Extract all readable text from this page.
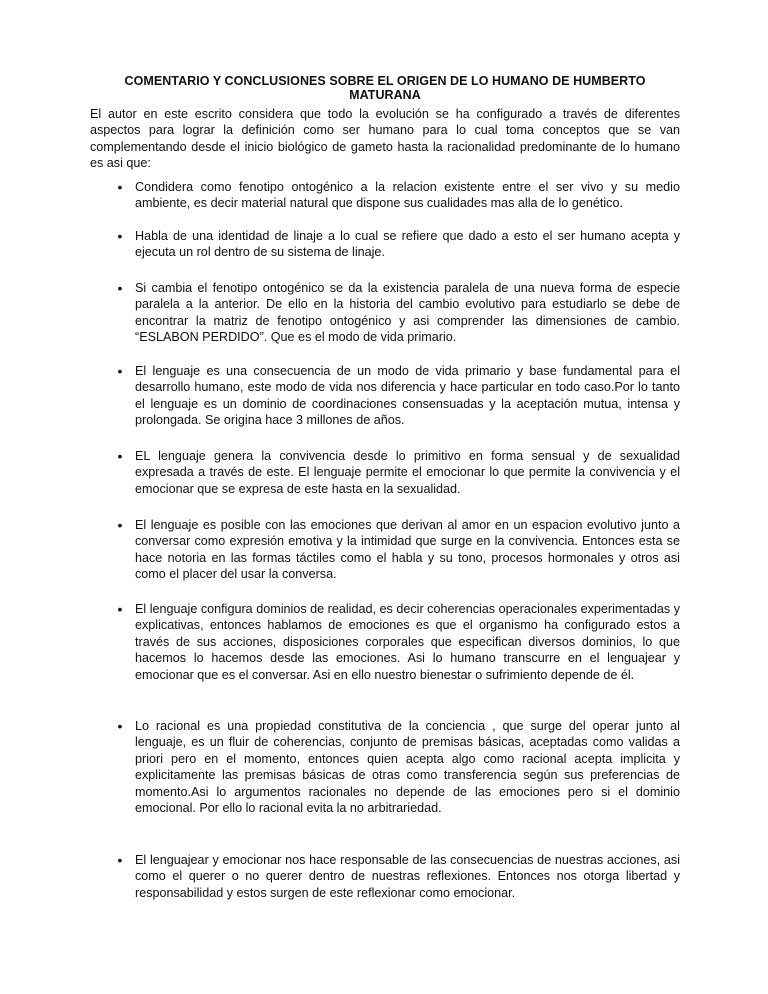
COMENTARIO Y CONCLUSIONES SOBRE EL ORIGEN DE LO HUMANO DE HUMBERTO MATURANA
El autor en este escrito considera que todo la evolución se ha configurado a través de diferentes aspectos para lograr la definición como ser humano para lo cual toma conceptos que se van complementando desde el inicio biológico de gameto hasta la racionalidad predominante de lo humano es asi que:
• Condidera como fenotipo ontogénico a la relacion existente entre el ser vivo y su medio ambiente, es decir material natural que dispone sus cualidades mas alla de lo genético.
• Habla de una identidad de linaje a lo cual se refiere que dado a esto el ser humano acepta y ejecuta un rol dentro de su sistema de linaje.
• Si cambia el fenotipo ontogénico se da la existencia paralela de una nueva forma de especie paralela a la anterior. De ello en la historia del cambio evolutivo para estudiarlo se debe de encontrar la matriz de fenotipo ontogénico y asi comprender las dimensiones de cambio. “ESLABON PERDIDO”. Que es el modo de vida primario.
• El lenguaje es una consecuencia de un modo de vida primario y base fundamental para el desarrollo humano, este modo de vida nos diferencia y hace particular en todo caso.Por lo tanto el lenguaje es un dominio de coordinaciones consensuadas y la aceptación mutua, intensa y prolongada. Se origina hace 3 millones de años.
• EL lenguaje genera la convivencia desde lo primitivo en forma sensual y de sexualidad expresada a través de este. El lenguaje permite el emocionar lo que permite la convivencia y el emocionar que se expresa de este hasta en la sexualidad.
• El lenguaje es posible con las emociones que derivan al amor en un espacion evolutivo junto a conversar como expresión emotiva y la intimidad que surge en la convivencia. Entonces esta se hace notoria en las formas táctiles como el habla y su tono, procesos hormonales y otros asi como el placer del usar la conversa.
• El lenguaje configura dominios de realidad, es decir coherencias operacionales experimentadas y explicativas, entonces hablamos de emociones es que el organismo ha configurado estos a través de sus acciones, disposiciones corporales que especifican diversos dominios, lo que hacemos lo hacemos desde las emociones. Asi lo humano transcurre en el lenguajear y emocionar que es el conversar. Asi en ello nuestro bienestar o sufrimiento depende de él.
• Lo racional es una propiedad constitutiva de la conciencia , que surge del operar junto al lenguaje, es un fluir de coherencias, conjunto de premisas básicas, aceptadas como validas a priori pero en el momento, entonces quien acepta algo como racional acepta implicita y explicitamente las premisas básicas de otras como transferencia según sus preferencias de momento.Asi lo argumentos racionales no depende de las emociones pero si el dominio emocional. Por ello lo racional evita la no arbitrariedad.
• El lenguajear y emocionar nos hace responsable de las consecuencias de nuestras acciones, asi como el querer o no querer dentro de nuestras reflexiones. Entonces nos otorga libertad y responsabilidad y estos surgen de este reflexionar como emocionar.
